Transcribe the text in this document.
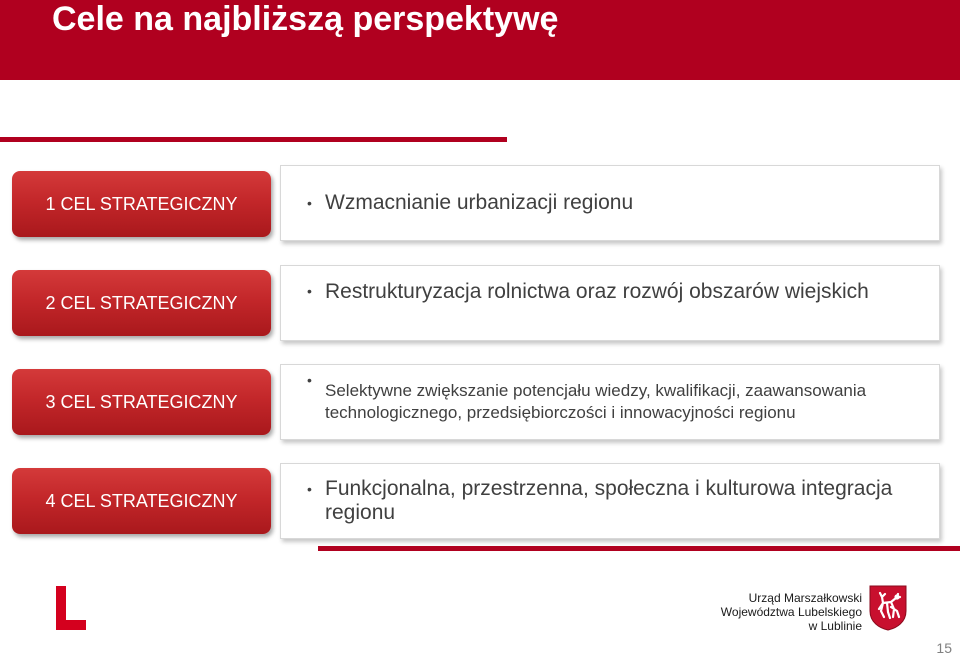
Cele na najbliższą perspektywę
1 CEL STRATEGICZNY	• Wzmacnianie urbanizacji regionu
2 CEL STRATEGICZNY
• Restrukturyzacja rolnictwa oraz rozwój obszarów wiejskich
3 CEL STRATEGICZNY
•
Selektywne zwiększanie potencjału wiedzy, kwalifikacji, zaawansowania technologicznego, przedsiębiorczości i innowacyjności regionu
4 CEL STRATEGICZNY
• Funkcjonalna, przestrzenna, społeczna i kulturowa integracja regionu
Urząd Marszałkowski
Województwa Lubelskiego
w Lublinie
15
